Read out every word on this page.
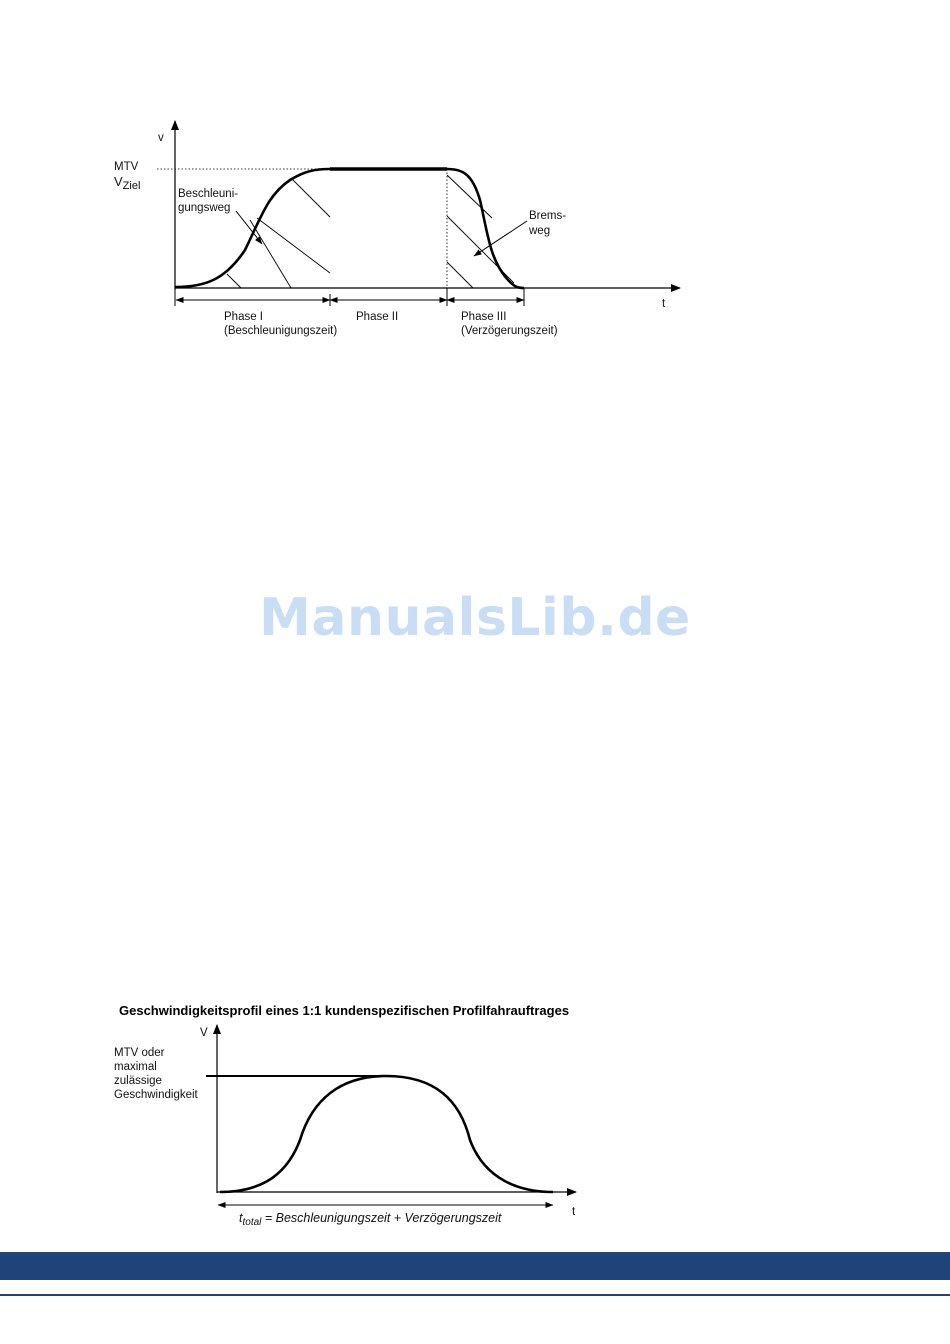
v
t
MTV
$V_{Ziel}$
Beschleuni-
gungsweg
Brems-
weg
Phase I
(Beschleunigungszeit)
Phase II	Phase III
(Verzögerungszeit)
Geschwindigkeitsprofil eines 1:1 kundenspezifischen Profilfahrauftrages
V
t
MTV oder
maximal
zulässige
Geschwindigkeit
$t_{total}$ = Beschleunigungszeit + Verzögerungszeit
ManualsLib.de
